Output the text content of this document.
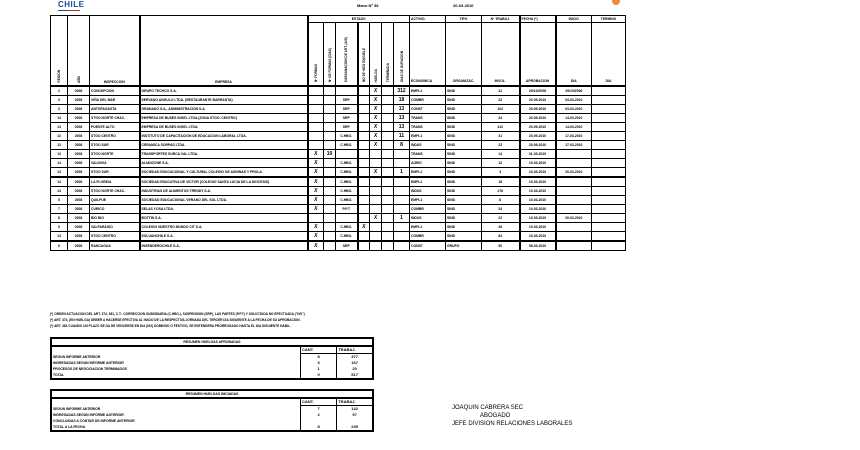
CHILE	Mano Nº 38	20-03-2010
REGION	AÑO	INSPECCION	EMPRESA	ESTADO							ACTIVID.	TIPO	Nº TRABAJ.	FECHA (*)	INICIO	TERMINO
				Nº FORMAS	Nº DE FORMAS (DIAS)	SUBSANACION DE ART. (A/S)	NO SE HIZO EXIGIBLE	HUELGA	TERMINADA	DIAS DE DURACION	ECONOMICA	ORGANIZAC.	INVOL.	APROBACION	DIA	DIA
2	2008	CONCEPCION	GRUPO TECHCO S.A.					X		312	EMPL1	SIND	31	29/10/2008	29/10/2008	
3	2008	VIÑA DEL MAR	SERVANO ANGULO LTDA. (RESTAURANTE BARRANTA)			SRP		X		18	COMBR	SIND	22	20-09-2010	03-03-2010	
3	2008	ANTOFAGASTA	GRANADO S.A., ADMINISTRACION S.A.			SRP		X		13	CONST	SIND	102	20-09-2010	03-03-2010	
13	2008	STGO NORTE CHAC.	EMPRESA DE BUSES INGEL LTDA.(ZONA STGO. CENTRO)			SRP		X		13	TRANS	SIND	34	20-09-2010	14-03-2010	
13	2008	PUENTE ALTO	EMPRESA DE BUSES INGEL LTDA.			SRP		X		13	TRANS	SIND	412	20-09-2010	14-03-2010	
13	2008	STGO CENTRO	INSTITUTO DE CAPACITACION DE EDUCACION LABORAL LTDA.			C.HBO.		X		11	EMPL1	SIND	31	20-09-2010	17-03-2010	
13	2008	STGO SUR	CERAMICA SORPAS LTDA.			C.HBO.		X		8	INDUS	SIND	22	20-09-2010	17-03-2010	
13	2008	STGO NORTE	TRANSPORTES SURCA VAL LTDA.	X	10						TRANS	SIND	14	01-03-2010		
14	2008	VALDIVIA	ALIANZONE S.A.	X		C.HBO.					AGRIC	SIND	12	10-03-2010		
13	2008	STGO SUR	SOCIEDAD EDUCACIONAL Y CULTURAL COLEGIO DE ANDINAS Y PROLA.	X		C.HBO.		X		1	EMPL1	SIND	3	10-03-2010	20-03-2010	
13	2008	LA FLORIDA	SOCIEDAD EDUCATIVA DE VICTOR (COLEGIO SANTA LUCIA DE LA DIOCESIS)	X		C.HBO.					EMPL1	SIND	18	10-03-2010		
13	2008	STGO NORTE CHAC.	INDUSTRIAS DE ALIMENTOS TRENDY S.A.	X		C.HBO.					INDUS	SIND	176	10-03-2010		
5	2008	QUILPUE	SOCIEDAD EDUCACIONAL VERANO DEL SOL LTDA.	X		C.HBO.					EMPL1	SIND	8	10-03-2010		
7	2008	CURICO	SELAS YOSA LTDA.	X		P.P.T					COMBR	SIND	24	10-03-2010		
8	2008	BIO BIO	BOTTIN S.A.					X		1	INDUS	SIND	22	10-03-2010	20-03-2010	
5	2008	VALPARAISO	COLEGIO NUESTRO MUNDO CIT S.A.	X		C.HBO.	X				EMPL1	SIND	26	10-03-2010		
13	2008	STGO CENTRO	SOLUANCHILE S.A.	X		C.HBO.					COMBR	SIND	84	10-03-2010		
6	2008	RANCAGUA	INGENDEROCHILE S.A.	X		SRP					CONST	GRUPO	50	08-03-2010		
(*) ORDEN ACTUACION DEL ART. 374, 381, C.T.: CORRECCION SUBSIDIARIA (C.HBO.), SUSPENSION (SRP), LAS PARTES (P.P.T) Y SOLICITADA NO EFECTUADA ("NO")
(*) ART. 374, (EN HUELGA) DEBER A HACERSE EFECTIVA AL INICIO DE LA RESPECTIVA JORNADA DEL TERCER DIA SIGUIENTE A LA FECHA DE SU APROBACION.
(*) ART. 381 CUANDO UN PLAZO SE DA DE VENCERSE EN DIA (NO) DOMINGO O FESTIVO, SE ENTENDERA PRORROGADO HASTA EL DIA SIGUIENTE HABIL.
RESUMEN HUELGAS APROBADAS		
	CANT.	TRABAJ.
SEGUN INFORME ANTERIOR	8	377
INGRESADAS SEGUN INFORME ANTERIOR	3	167
PROCESOS DE NEGOCIACION TERMINADOS	1	20
TOTAL	0	517
RESUMEN HUELGAS INICIADAS		
	CANT.	TRABAJ.
SEGUN INFORME ANTERIOR	7	142
INGRESADAS SEGUN INFORME ANTERIOR	2	97
CONCLUIDAS A CONTAR DE INFORME ANTERIOR		
TOTAL A LA FECHA	8	239
JOAQUIN CABRERA SEC
ABOGADO
JEFE DIVISION RELACIONES LABORALES
